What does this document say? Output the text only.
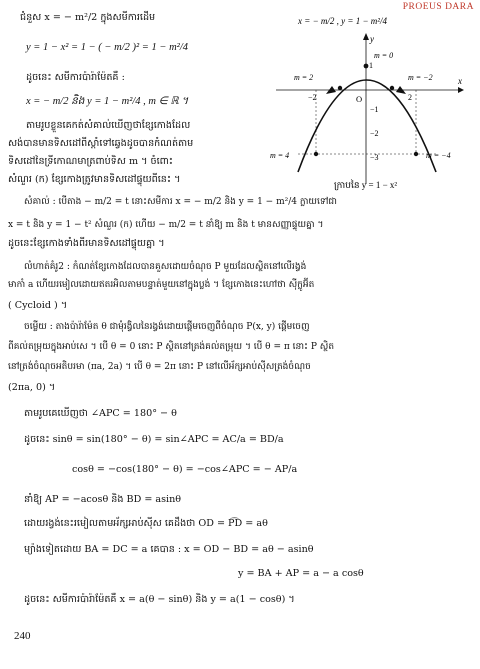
PROEUS DARA
ជំនួស x = − m²/2 ក្នុងសមីការដើម
y = 1 − x² = 1 − ( − m/2 )² = 1 − m²/4
ដូចនេះ សមីការប៉ារ៉ាម៉ែតគឺ :
x = − m/2 និង y = 1 − m²/4 , m ∈ ℝ ។
តាមរូបខ្លួនគេកត់សំគាល់ឃើញថាខ្សែកោងដែល
សង់បានមានទិសដៅពីស្ដាំទៅឆ្វេងដូចបានកំណត់តាម
ទិសដៅនៃទ្រីកោណមាត្រពាប់ទិស m ។ ចំពោះ
សំណួរ (ក) ខ្សែកោងត្រូវមានទិសដៅផ្ទុយពីនេះ ។
សំគាល់ : បើតាង − m/2 = t នោះសមីការ x = − m/2 និង y = 1 − m²/4 ក្លាយទៅជា
x = t និង y = 1 − t² សំណួរ (ក) ហើយ − m/2 = t នាំឱ្យ m និង t មានសញ្ញាផ្ទុយគ្នា ។
ដូចនេះខ្សែកោងទាំងពីរមានទិសដៅផ្ទុយគ្នា ។
លំហាត់គំរូ2 : កំណត់ខ្សែកោងដែលបានគួសដោយចំណុច P មួយដែលស្ថិតនៅលើរង្វង់
មាកាំ a ហើយរមៀលដោយឥតរអិលតាមបន្ទាត់មួយនៅក្នុងប្លង់ ។ ខ្សែកោងនេះហៅថា ស៊ីក្លូអ៊ីត
( Cycloid ) ។
ចម្លើយ : តាងប៉ារ៉ាម៉ែត θ ជាមុំរង្វិលនៃរង្វង់ដោយផ្ដើមចេញពីចំណុច P(x, y) ផ្ដើមចេញ
ពីគល់តម្រុយក្នុងអាប់សេ ។ បើ θ = 0 នោះ P ស្ថិតនៅត្រង់គល់តម្រុយ ។ បើ θ = π នោះ P ស្ថិត
នៅត្រង់ចំណុចអតិបរមា (πa, 2a) ។ បើ θ = 2π នោះ P នៅលើអ័ក្សអាប់ស៊ីសត្រង់ចំណុច
(2πa, 0) ។
តាមរូបគេឃើញថា ∠APC = 180° − θ
ដូចនេះ sinθ = sin(180° − θ) = sin∠APC = AC/a = BD/a
cosθ = −cos(180° − θ) = −cos∠APC = − AP/a
នាំឱ្យ AP = −acosθ និង BD = asinθ
ដោយរង្វង់នេះរមៀលតាមអ័ក្សអាប់ស៊ីស គេដឹងថា OD = P͡D = aθ
ម្យ៉ាងទៀតដោយ BA = DC = a គេបាន : x = OD − BD = aθ − asinθ
y = BA + AP = a − a cosθ
ដូចនេះ សមីការប៉ារ៉ាម៉ែតគឺ x = a(θ − sinθ) និង y = a(1 − cosθ) ។
240
x = − m/2 , y = 1 − m²/4
x
y
O
−2	2
1
−1
−2
−3
m = 0
m = 2	m = −2
m = 4	m = −4
ក្រាបនៃ y = 1 − x²
